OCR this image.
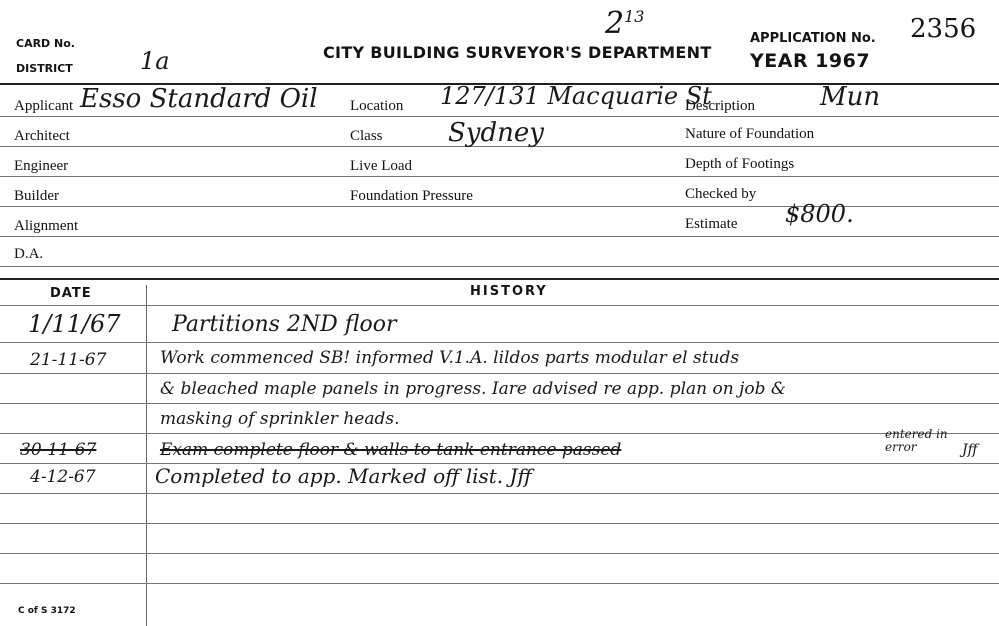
CARD No.
DISTRICT	1a
$2^{13}$
CITY BUILDING SURVEYOR'S DEPARTMENT
APPLICATION No. 2356
YEAR 1967
Applicant Esso Standard Oil
Architect
Engineer
Builder
Alignment
D.A.
Location 127/131 Macquarie St
Class	Sydney
Live Load
Foundation Pressure
Description	Mun
Nature of Foundation
Depth of Footings
Checked by
Estimate $800.
DATE	HISTORY
1/11/67 Partitions 2ND floor
21-11-67	Work commenced SB! informed V.1.A. lildos parts modular el studs
& bleached maple panels in progress. Iare advised re app. plan on job &
masking of sprinkler heads.
30-11-67	Exam complete floor & walls to tank entrance passed
entered in error	Jff
4-12-67	Completed to app. Marked off list. Jff
C of S 3172
